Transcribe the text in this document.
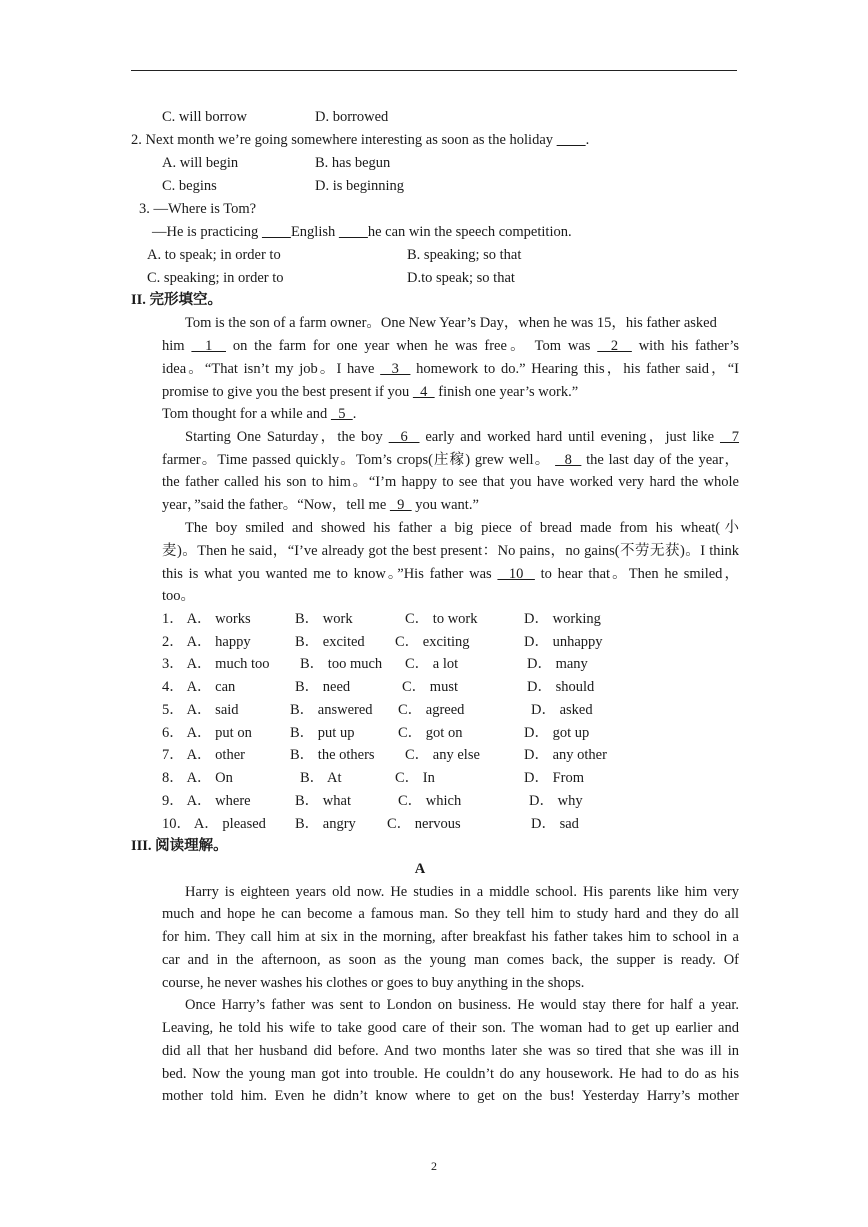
C. will borrow	D. borrowed
2. Next month we’re going somewhere interesting as soon as the holiday .
A. will begin	B. has begun
C. begins	D. is beginning
3. —Where is Tom?
—He is practicing English he can win the speech competition.
A. to speak; in order to	B. speaking; so that
C. speaking; in order to	D.to speak; so that
II. 完形填空。
Tom is the son of a farm owner。One New Year’s Day，when he was 15，his father asked
him   1   on the farm for one year when he was free。 Tom was   2   with his father’s
idea。“That isn’t my job。I have   3   homework to do.” Hearing this，his father said，“I
promise to give you the best present if you   4   finish one year’s work.”
Tom thought for a while and   5  .
Starting One Saturday，the boy   6   early and worked hard until evening，just like   7
farmer。Time passed quickly。Tom’s crops(庄稼) grew well。   8   the last day of the year，
the father called his son to him。“I’m happy to see that you have worked very hard the whole
year，”said the father。“Now，tell me   9   you want.”
The boy smiled and showed his father a big piece of bread made from his wheat(小
麦)。Then he said，“I’ve already got the best present：No pains，no gains(不劳无获)。I think
this is what you wanted me to know。”His father was   10   to hear that。Then he smiled，
too。
1． A． works	B． work	C． to work	D． working
2． A． happy	B． excited C． exciting	D． unhappy
3． A． much too B． too much C． a lot	D． many
4． A． can	B． need	C． must	D． should
5． A． said	B． answered C． agreed	D． asked
6． A． put on	B． put up	C． got on	D． got up
7． A． other	B． the others C． any else	D． any other
8． A． On	B． At	C． In	D． From
9． A． where	B． what	C． which	D． why
10． A． pleased B． angry C． nervous	D． sad
III. 阅读理解。
A
Harry is eighteen years old now. He studies in a middle school. His parents like him very
much and hope he can become a famous man. So they tell him to study hard and they do all
for him. They call him at six in the morning, after breakfast his father takes him to school in a
car and in the afternoon, as soon as the young man comes back, the supper is ready. Of
course, he never washes his clothes or goes to buy anything in the shops.
Once Harry’s father was sent to London on business. He would stay there for half a year.
Leaving, he told his wife to take good care of their son. The woman had to get up earlier and
did all that her husband did before. And two months later she was so tired that she was ill in
bed. Now the young man got into trouble. He couldn’t do any housework. He had to do as his
mother told him. Even he didn’t know where to get on the bus! Yesterday Harry’s mother
2
